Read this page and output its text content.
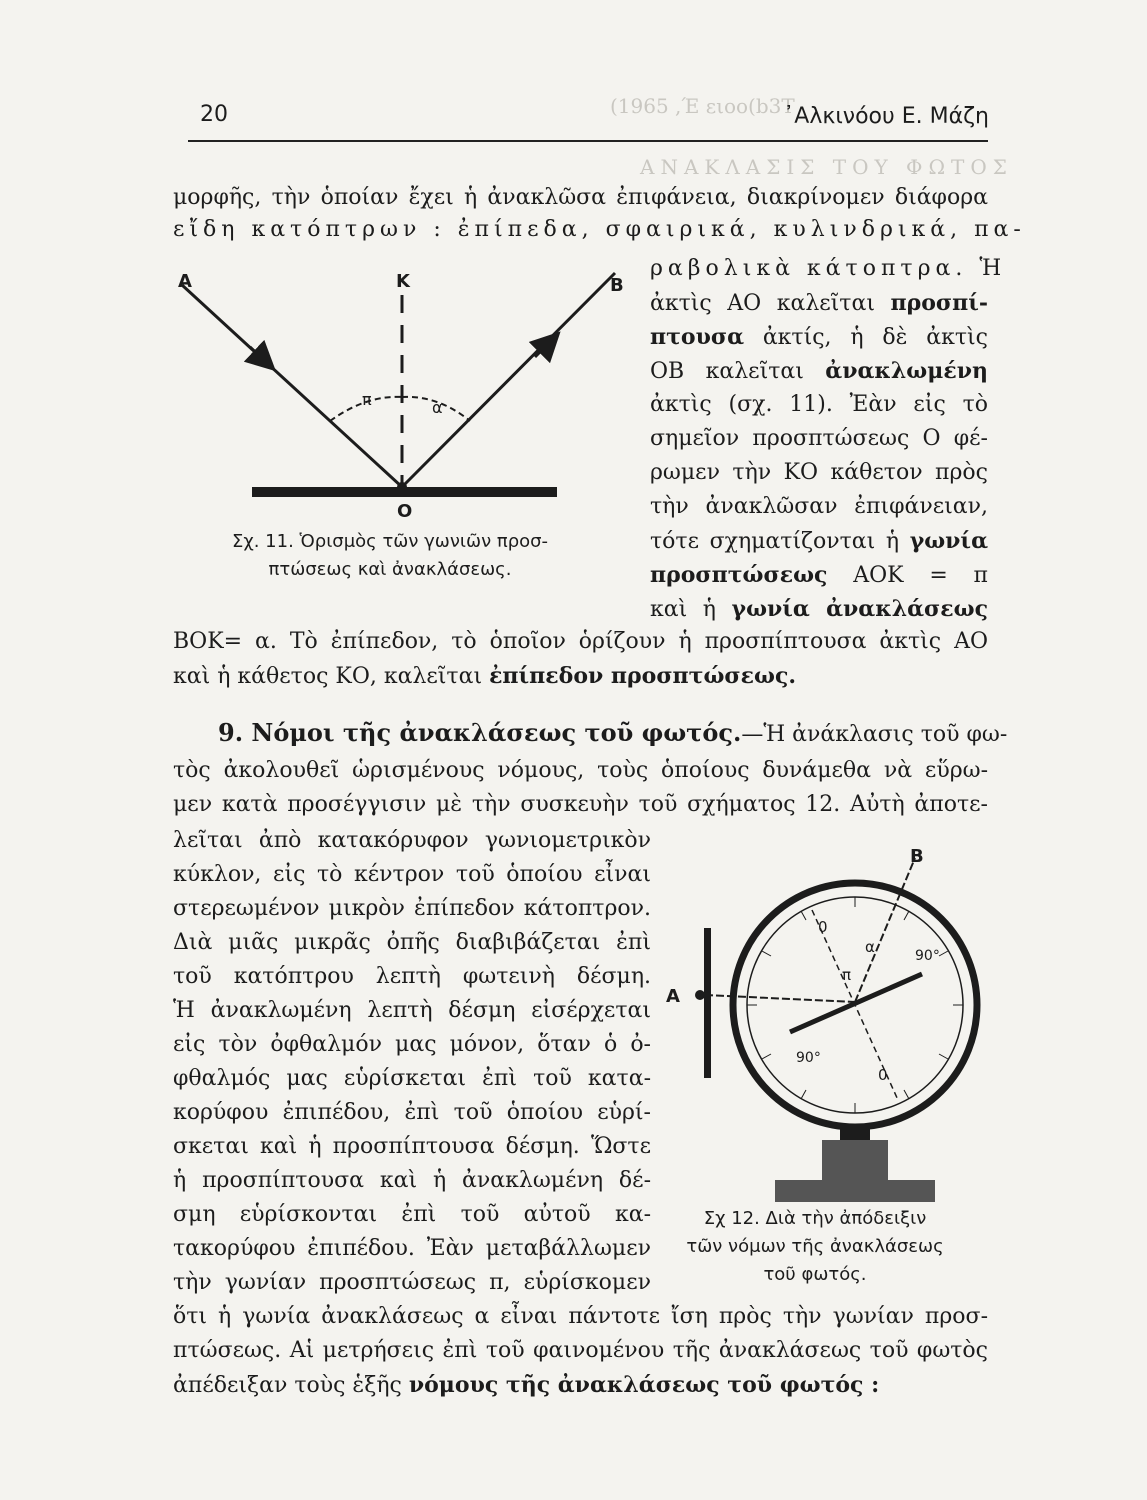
(1965 ,Έ ειοο(b3T
ΑΝΑΚΛΑΣΙΣ ΤΟΥ ΦΩΤΟΣ
20	᾿Αλκινόου Ε. Μάζη
μορφῆς, τὴν ὁποίαν ἔχει ἡ ἀνακλῶσα ἐπιφάνεια, διακρίνομεν διάφορα
εἴδη κατόπτρων : ἐπίπεδα, σφαιρικά, κυλινδρικά, πα-
ραβολικὰ κάτοπτρα. Ἡ
ἀκτὶς ΑΟ καλεῖται προσπί-
πτουσα ἀκτίς, ἡ δὲ ἀκτὶς
ΟΒ καλεῖται ἀνακλωμένη
ἀκτὶς (σχ. 11). Ἐὰν εἰς τὸ
σημεῖον προσπτώσεως Ο φέ-
ρωμεν τὴν ΚΟ κάθετον πρὸς
τὴν ἀνακλῶσαν ἐπιφάνειαν,
τότε σχηματίζονται ἡ γωνία
προσπτώσεως ΑΟΚ = π
καὶ ἡ γωνία ἀνακλάσεως
Α	Κ	Β
Ο
π	α
Σχ. 11. Ὁρισμὸς τῶν γωνιῶν προσ-
πτώσεως καὶ ἀνακλάσεως.
ΒΟΚ= α. Τὸ ἐπίπεδον, τὸ ὁποῖον ὁρίζουν ἡ προσπίπτουσα ἀκτὶς ΑΟ
καὶ ἡ κάθετος ΚΟ, καλεῖται ἐπίπεδον προσπτώσεως.
9. Νόμοι τῆς ἀνακλάσεως τοῦ φωτός.—Ἡ ἀνάκλασις τοῦ φω-
τὸς ἀκολουθεῖ ὡρισμένους νόμους, τοὺς ὁποίους δυνάμεθα νὰ εὕρω-
μεν κατὰ προσέγγισιν μὲ τὴν συσκευὴν τοῦ σχήματος 12. Αὐτὴ ἀποτε-
λεῖται ἀπὸ κατακόρυφον γωνιομετρικὸν
κύκλον, εἰς τὸ κέντρον τοῦ ὁποίου εἶναι
στερεωμένον μικρὸν ἐπίπεδον κάτοπτρον.
Διὰ μιᾶς μικρᾶς ὀπῆς διαβιβάζεται ἐπὶ
τοῦ κατόπτρου λεπτὴ φωτεινὴ δέσμη.
Ἡ ἀνακλωμένη λεπτὴ δέσμη εἰσέρχεται
εἰς τὸν ὀφθαλμόν μας μόνον, ὅταν ὁ ὀ-
φθαλμός μας εὑρίσκεται ἐπὶ τοῦ κατα-
κορύφου ἐπιπέδου, ἐπὶ τοῦ ὁποίου εὑρί-
σκεται καὶ ἡ προσπίπτουσα δέσμη. Ὥστε
ἡ προσπίπτουσα καὶ ἡ ἀνακλωμένη δέ-
σμη εὑρίσκονται ἐπὶ τοῦ αὐτοῦ κα-
τακορύφου ἐπιπέδου. Ἐὰν μεταβάλλωμεν
τὴν γωνίαν προσπτώσεως π, εὑρίσκομεν
Α
Β
0
0
90°
90°
π
α
Σχ 12. Διὰ τὴν ἀπόδειξιν
τῶν νόμων τῆς ἀνακλάσεως
τοῦ φωτός.
ὅτι ἡ γωνία ἀνακλάσεως α εἶναι πάντοτε ἴση πρὸς τὴν γωνίαν προσ-
πτώσεως. Αἱ μετρήσεις ἐπὶ τοῦ φαινομένου τῆς ἀνακλάσεως τοῦ φωτὸς
ἀπέδειξαν τοὺς ἑξῆς νόμους τῆς ἀνακλάσεως τοῦ φωτός :
